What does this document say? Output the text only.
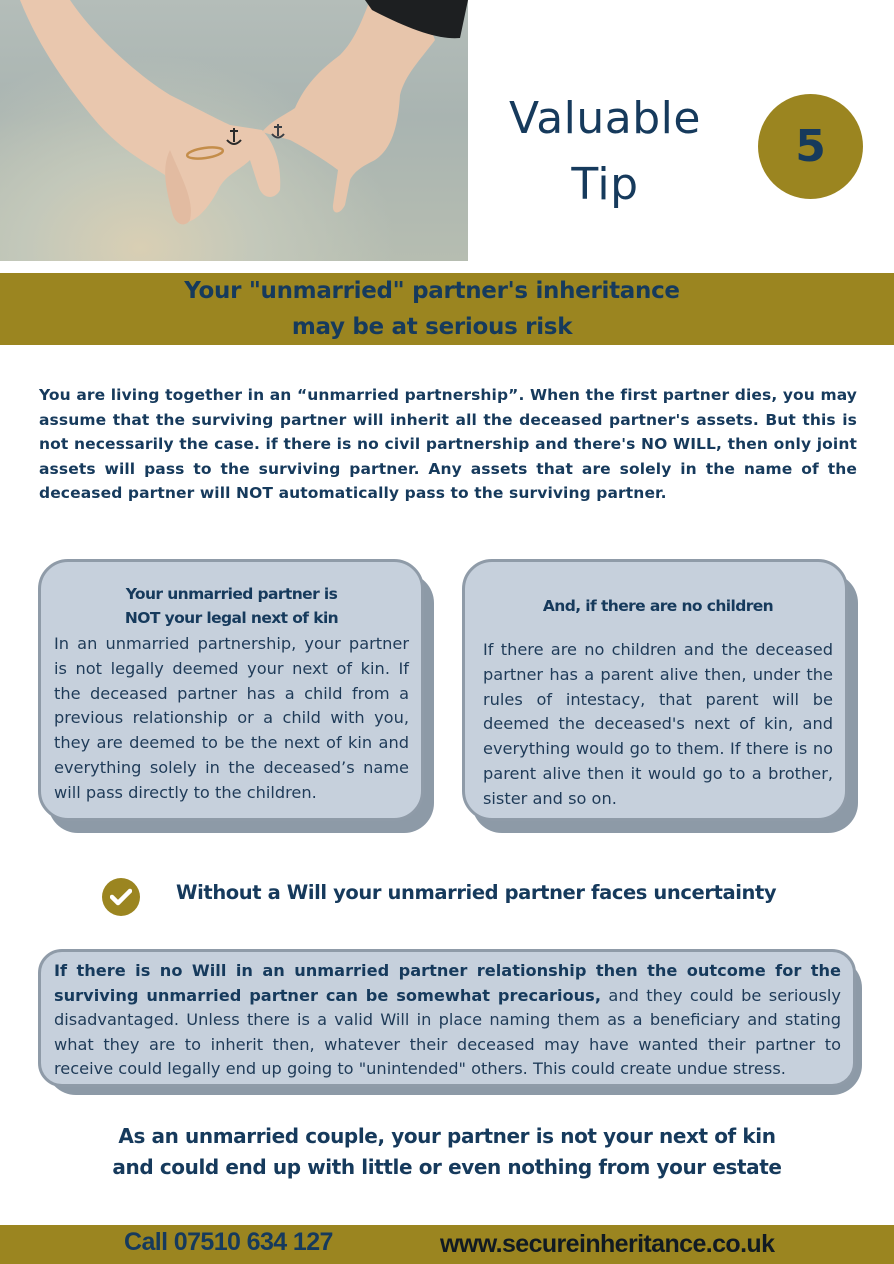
Valuable
Tip
5
Your "unmarried" partner's inheritance
may be at serious risk

You are living together in an “unmarried partnership”. When the first partner dies, you may assume that the surviving partner will inherit all the deceased partner's assets. But this is not necessarily the case. if there is no civil partnership and there's NO WILL, then only joint assets will pass to the surviving partner. Any assets that are solely in the name of the deceased partner will NOT automatically pass to the surviving partner.

Your unmarried partner is
NOT your legal next of kin

In an unmarried partnership, your partner is not legally deemed your next of kin. If the deceased partner has a child from a previous relationship or a child with you, they are deemed to be the next of kin and everything solely in the deceased’s name will pass directly to the children.

And, if there are no children

If there are no children and the deceased partner has a parent alive then, under the rules of intestacy, that parent will be deemed the deceased's next of kin, and everything would go to them. If there is no parent alive then it would go to a brother, sister and so on.

Without a Will your unmarried partner faces uncertainty

If there is no Will in an unmarried partner relationship then the outcome for the surviving unmarried partner can be somewhat precarious, and they could be seriously disadvantaged. Unless there is a valid Will in place naming them as a beneficiary and stating what they are to inherit then, whatever their deceased may have wanted their partner to receive could legally end up going to "unintended" others. This could create undue stress.

As an unmarried couple, your partner is not your next of kin
and could end up with little or even nothing from your estate
Call 07510 634 127	www.secureinheritance.co.uk
